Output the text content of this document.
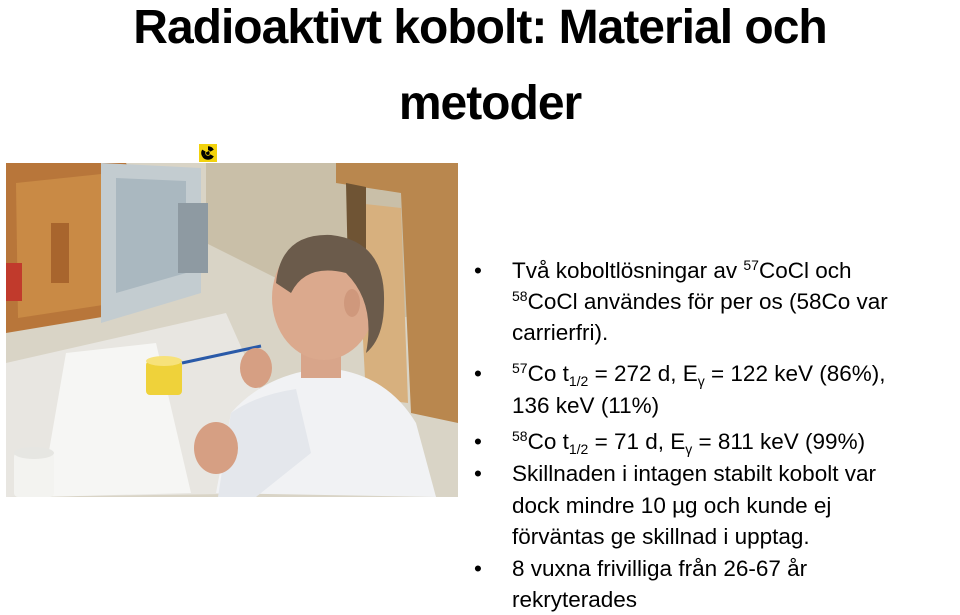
Radioaktivt kobolt: Material och
metoder
• Två koboltlösningar av $^{57}$CoCl och
$^{58}$CoCl användes för per os (58Co var
carrierfri).
•	$^{57}$Co $t_{1/2} = 272$ d, $E_\gamma = 122$ keV (86%),
136 keV (11%)
•	$^{58}$Co $t_{1/2} = 71$ d, $E_\gamma = 811$ keV (99%)
• Skillnaden i intagen stabilt kobolt var
dock mindre 10 µg och kunde ej
förväntas ge skillnad i upptag.
• 8 vuxna frivilliga från 26-67 år
rekryterades
